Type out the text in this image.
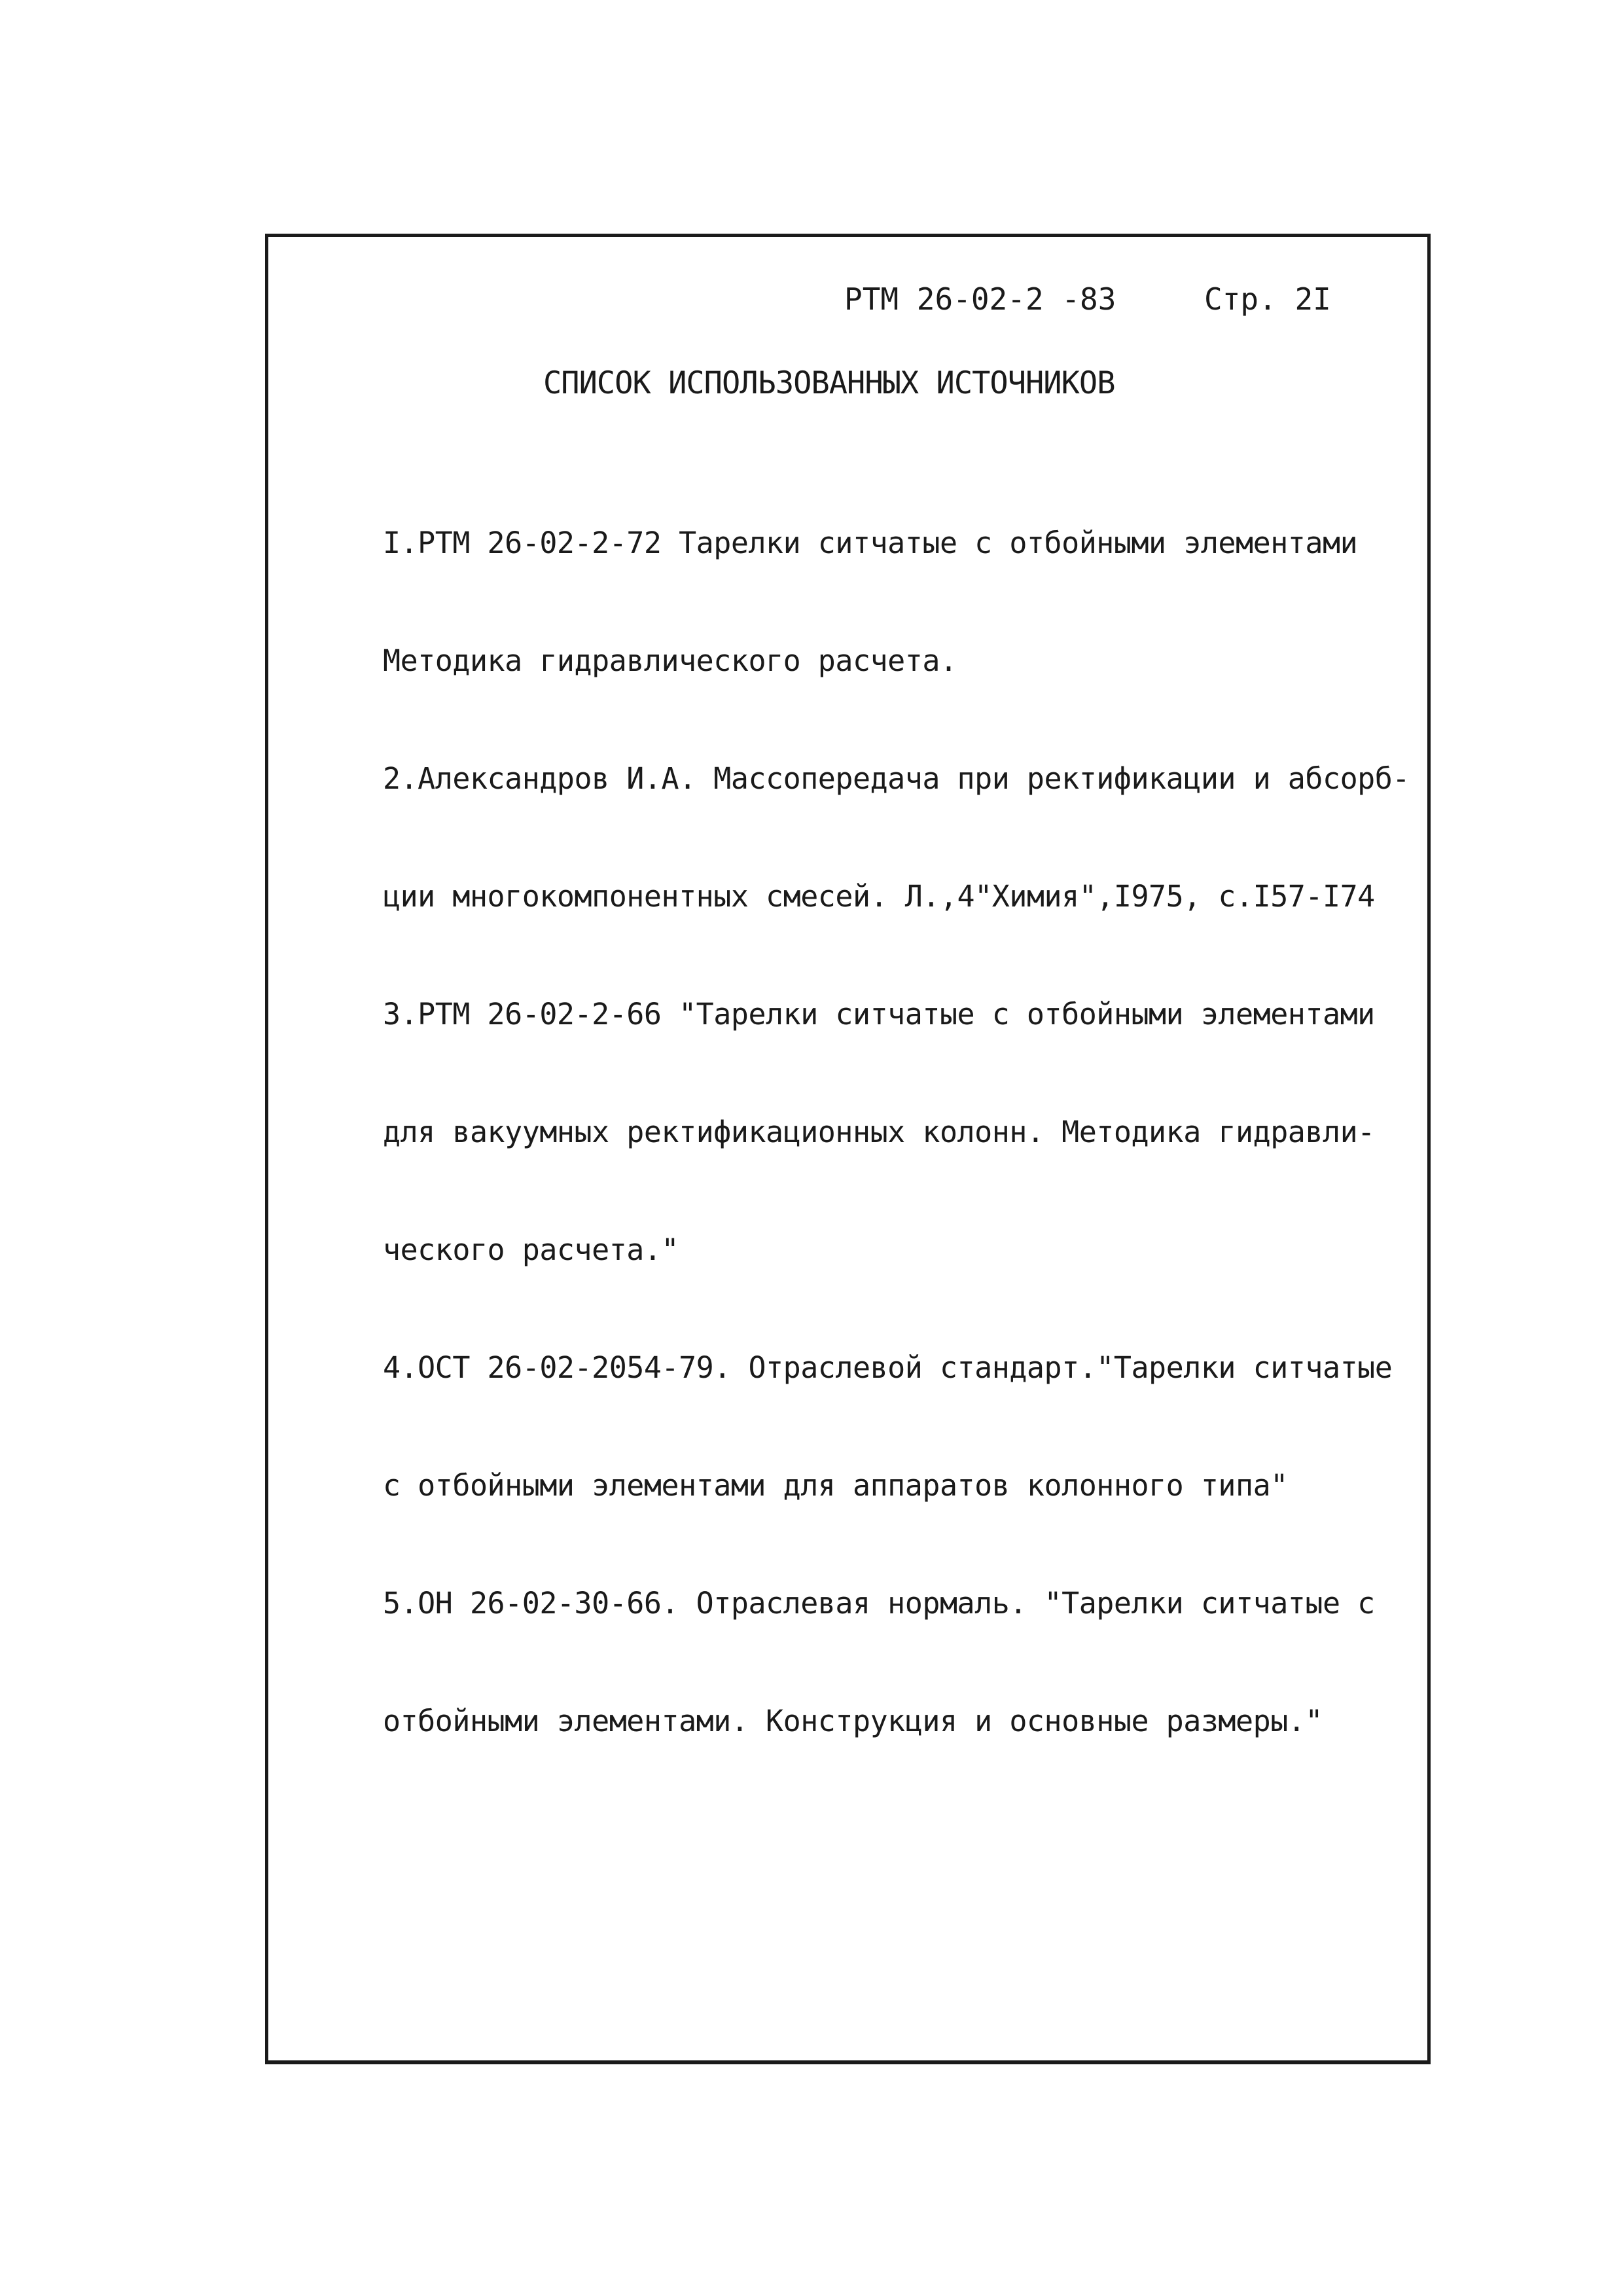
РТМ 26-02-2 -83

	Стр. 2I

СПИСОК ИСПОЛЬЗОВАННЫХ ИСТОЧНИКОВ

I.РТМ 26-02-2-72 Тарелки ситчатые с отбойными элементами

Методика гидравлического расчета.

2.Александров И.А. Массопередача при ректификации и абсорб-

ции многокомпонентных смесей. Л.,4"Химия",I975, с.I57-I74

3.РТМ 26-02-2-66 "Тарелки ситчатые с отбойными элементами

для вакуумных ректификационных колонн. Методика гидравли-

ческого расчета."

4.ОСТ 26-02-2054-79. Отраслевой стандарт."Тарелки ситчатые

с отбойными элементами для аппаратов колонного типа"

5.ОН 26-02-30-66. Отраслевая нормаль. "Тарелки ситчатые с

отбойными элементами. Конструкция и основные размеры."
